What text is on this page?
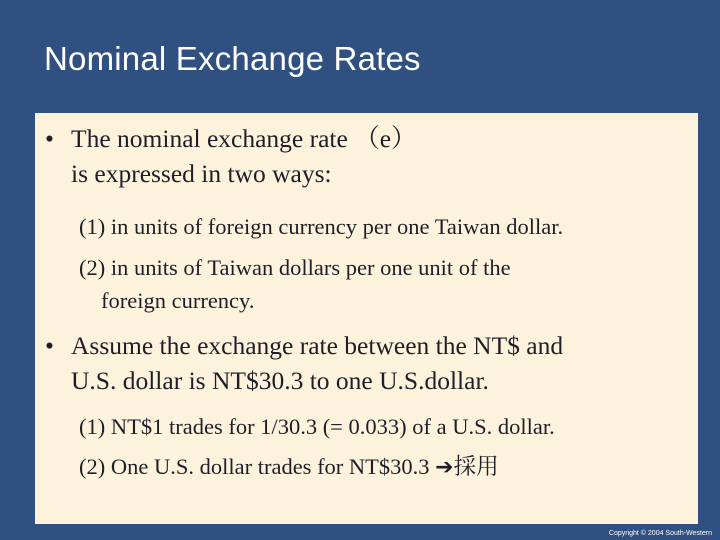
Nominal Exchange Rates
• The nominal exchange rate （e）
is expressed in two ways:
(1) in units of foreign currency per one Taiwan dollar.
(2) in units of Taiwan dollars per one unit of the
foreign currency.
• Assume the exchange rate between the NT$ and
U.S. dollar is NT$30.3 to one U.S.dollar.
(1) NT$1 trades for 1/30.3 (= 0.033) of a U.S. dollar.
(2) One U.S. dollar trades for NT$30.3 ➔採用
Copyright © 2004 South-Western
